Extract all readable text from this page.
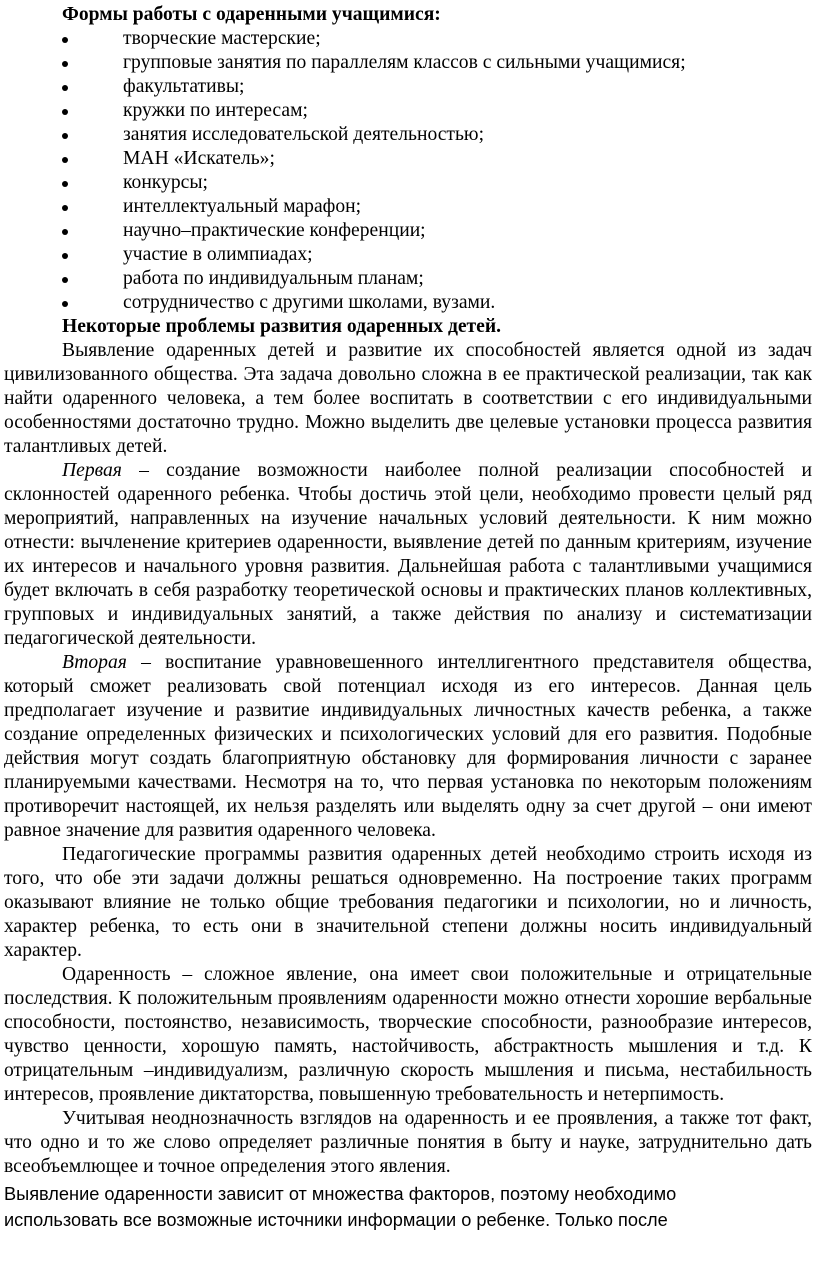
Формы работы с одаренными учащимися:

творческие мастерские;
групповые занятия по параллелям классов с сильными учащимися;
факультативы;
кружки по интересам;
занятия исследовательской деятельностью;
МАН «Искатель»;
конкурсы;
интеллектуальный марафон;
научно–практические конференции;
участие в олимпиадах;
работа по индивидуальным планам;
сотрудничество с другими школами, вузами.

Некоторые проблемы развития одаренных детей.

Выявление одаренных детей и развитие их способностей является одной из задач цивилизованного общества. Эта задача довольно сложна в ее практической реализации, так как найти одаренного человека, а тем более воспитать в соответствии с его индивидуальными особенностями достаточно трудно. Можно выделить две целевые установки процесса развития талантливых детей.

Первая – создание возможности наиболее полной реализации способностей и склонностей одаренного ребенка. Чтобы достичь этой цели, необходимо провести целый ряд мероприятий, направленных на изучение начальных условий деятельности. К ним можно отнести: вычленение критериев одаренности, выявление детей по данным критериям, изучение их интересов и начального уровня развития. Дальнейшая работа с талантливыми учащимися будет включать в себя разработку теоретической основы и практических планов коллективных, групповых и индивидуальных занятий, а также действия по анализу и систематизации педагогической деятельности.

Вторая – воспитание уравновешенного интеллигентного представителя общества, который сможет реализовать свой потенциал исходя из его интересов. Данная цель предполагает изучение и развитие индивидуальных личностных качеств ребенка, а также создание определенных физических и психологических условий для его развития. Подобные действия могут создать благоприятную обстановку для формирования личности с заранее планируемыми качествами. Несмотря на то, что первая установка по некоторым положениям противоречит настоящей, их нельзя разделять или выделять одну за счет другой – они имеют равное значение для развития одаренного человека.

Педагогические программы развития одаренных детей необходимо строить исходя из того, что обе эти задачи должны решаться одновременно. На построение таких программ оказывают влияние не только общие требования педагогики и психологии, но и личность, характер ребенка, то есть они в значительной степени должны носить индивидуальный характер.

Одаренность – сложное явление, она имеет свои положительные и отрицательные последствия. К положительным проявлениям одаренности можно отнести хорошие вербальные способности, постоянство, независимость, творческие способности, разнообразие интересов, чувство ценности, хорошую память, настойчивость, абстрактность мышления и т.д. К отрицательным –индивидуализм, различную скорость мышления и письма, нестабильность интересов, проявление диктаторства, повышенную требовательность и нетерпимость.

Учитывая неоднозначность взглядов на одаренность и ее проявления, а также тот факт, что одно и то же слово определяет различные понятия в быту и науке, затруднительно дать всеобъемлющее и точное определения этого явления.

Выявление одаренности зависит от множества факторов, поэтому необходимо использовать все возможные источники информации о ребенке. Только после
